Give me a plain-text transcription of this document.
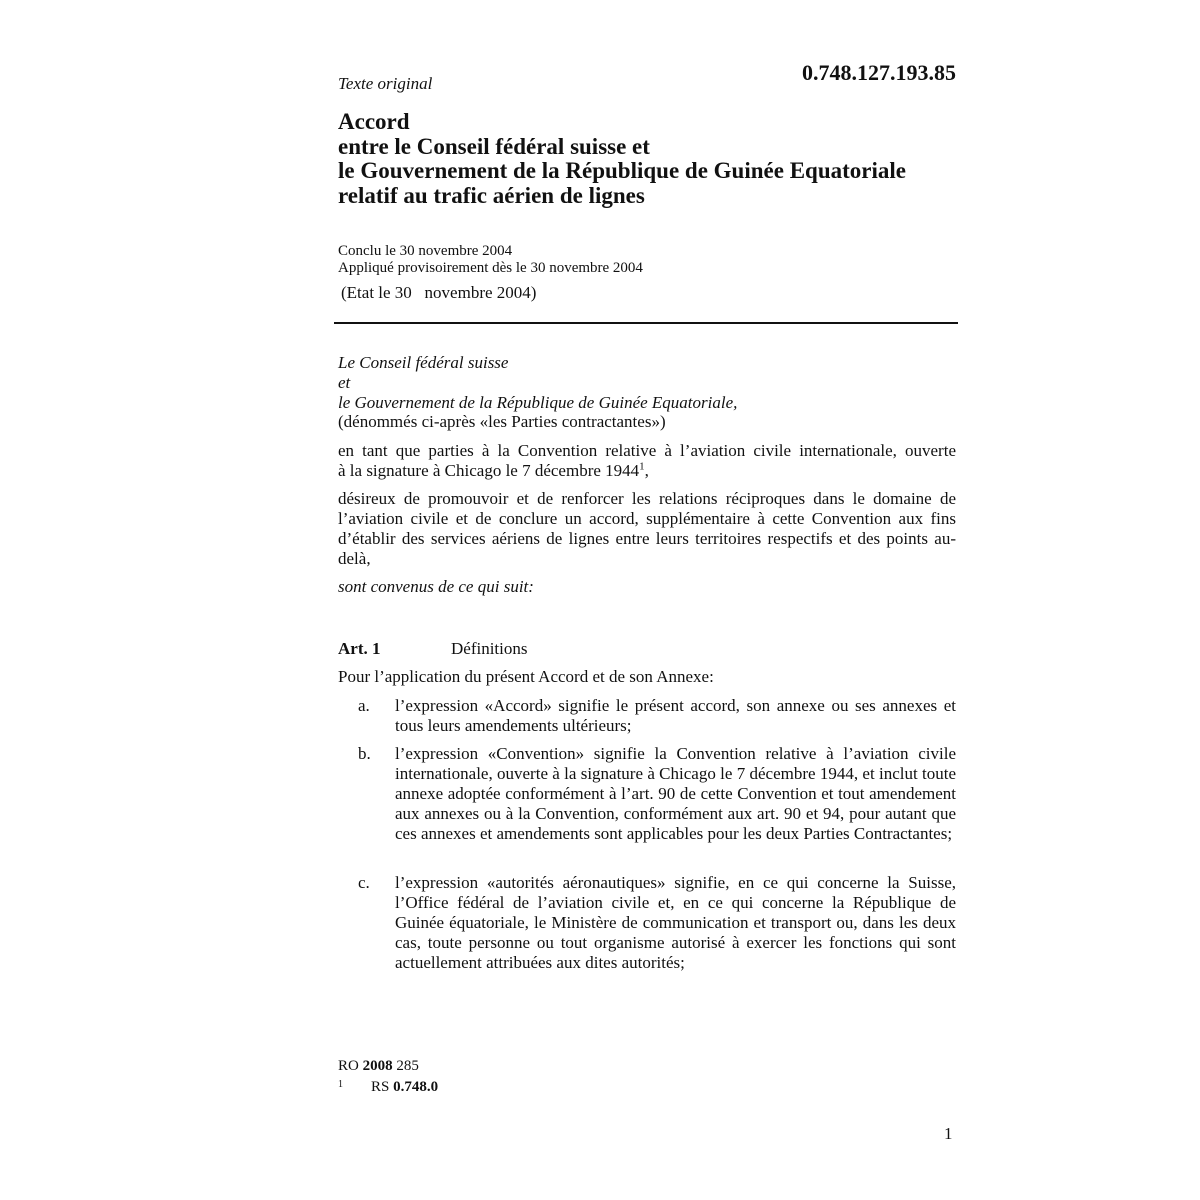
0.748.127.193.85
Texte original
Accord
entre le Conseil fédéral suisse et
le Gouvernement de la République de Guinée Equatoriale
relatif au trafic aérien de lignes
Conclu le 30 novembre 2004
Appliqué provisoirement dès le 30 novembre 2004
(Etat le 30   novembre 2004)
Le Conseil fédéral suisse
et
le Gouvernement de la République de Guinée Equatoriale,
(dénommés ci-après «les Parties contractantes»)
en tant que parties à la Convention relative à l’aviation civile internationale, ouverte
à la signature à Chicago le 7 décembre 1944$^1$,
désireux de promouvoir et de renforcer les relations réciproques dans le domaine de l’aviation civile et de conclure un accord, supplémentaire à cette Convention aux fins d’établir des services aériens de lignes entre leurs territoires respectifs et des points au-delà,
sont convenus de ce qui suit:
Art. 1	Définitions
Pour l’application du présent Accord et de son Annexe:
a. l’expression «Accord» signifie le présent accord, son annexe ou ses annexes et tous leurs amendements ultérieurs;
b. l’expression «Convention» signifie la Convention relative à l’aviation civile internationale, ouverte à la signature à Chicago le 7 décembre 1944, et inclut toute annexe adoptée conformément à l’art. 90 de cette Convention et tout amendement aux annexes ou à la Convention, conformément aux art. 90 et 94, pour autant que ces annexes et amendements sont applicables pour les deux Parties Contractantes;
c. l’expression «autorités aéronautiques» signifie, en ce qui concerne la Suisse, l’Office fédéral de l’aviation civile et, en ce qui concerne la République de Guinée équatoriale, le Ministère de communication et transport ou, dans les deux cas, toute personne ou tout organisme autorisé à exercer les fonctions qui sont actuellement attribuées aux dites autorités;
RO 2008 285
1 RS 0.748.0
1
